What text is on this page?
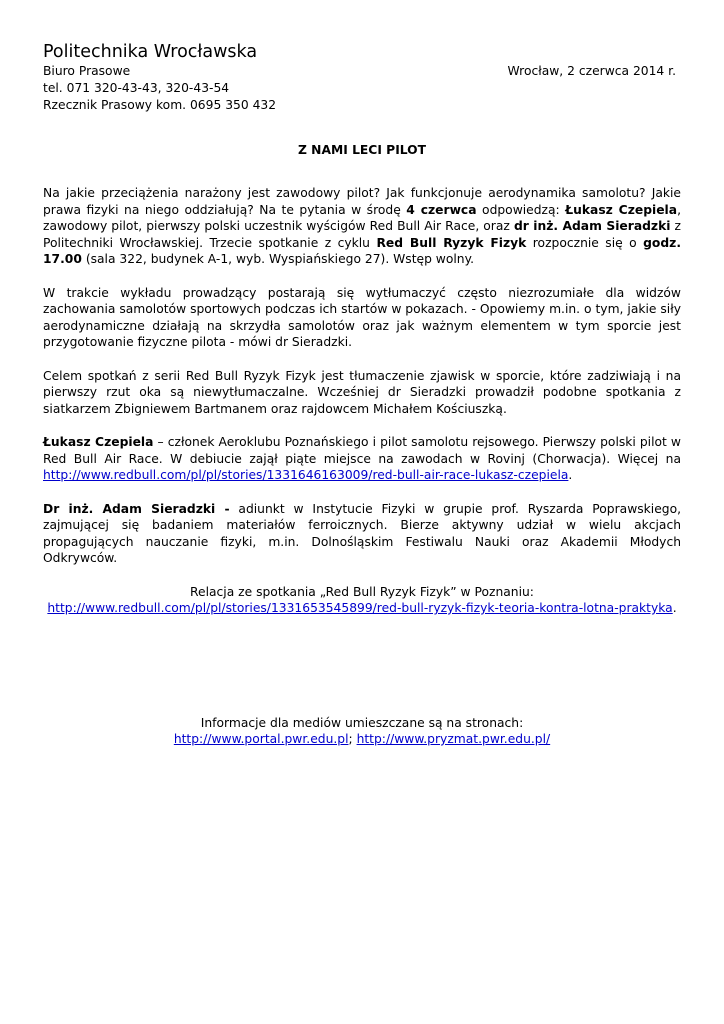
Politechnika Wrocławska
Biuro Prasowe
tel. 071 320-43-43, 320-43-54
Rzecznik Prasowy kom. 0695 350 432
Wrocław, 2 czerwca 2014 r.
Z NAMI LECI PILOT

Na jakie przeciążenia narażony jest zawodowy pilot? Jak funkcjonuje aerodynamika samolotu? Jakie prawa fizyki na niego oddziałują? Na te pytania w środę 4 czerwca odpowiedzą: Łukasz Czepiela, zawodowy pilot, pierwszy polski uczestnik wyścigów Red Bull Air Race, oraz dr inż. Adam Sieradzki z Politechniki Wrocławskiej. Trzecie spotkanie z cyklu Red Bull Ryzyk Fizyk rozpocznie się o godz. 17.00 (sala 322, budynek A-1, wyb. Wyspiańskiego 27). Wstęp wolny.

W trakcie wykładu prowadzący postarają się wytłumaczyć często niezrozumiałe dla widzów zachowania samolotów sportowych podczas ich startów w pokazach. - Opowiemy m.in. o tym, jakie siły aerodynamiczne działają na skrzydła samolotów oraz jak ważnym elementem w tym sporcie jest przygotowanie fizyczne pilota - mówi dr Sieradzki.

Celem spotkań z serii Red Bull Ryzyk Fizyk jest tłumaczenie zjawisk w sporcie, które zadziwiają i na pierwszy rzut oka są niewytłumaczalne. Wcześniej dr Sieradzki prowadził podobne spotkania z siatkarzem Zbigniewem Bartmanem oraz rajdowcem Michałem Kościuszką.

Łukasz Czepiela – członek Aeroklubu Poznańskiego i pilot samolotu rejsowego. Pierwszy polski pilot w Red Bull Air Race. W debiucie zajął piąte miejsce na zawodach w Rovinj (Chorwacja). Więcej na http://www.redbull.com/pl/pl/stories/1331646163009/red-bull-air-race-lukasz-czepiela.

Dr inż. Adam Sieradzki - adiunkt w Instytucie Fizyki w grupie prof. Ryszarda Poprawskiego, zajmującej się badaniem materiałów ferroicznych. Bierze aktywny udział w wielu akcjach propagujących nauczanie fizyki, m.in. Dolnośląskim Festiwalu Nauki oraz Akademii Młodych Odkrywców.

Relacja ze spotkania „Red Bull Ryzyk Fizyk” w Poznaniu:
http://www.redbull.com/pl/pl/stories/1331653545899/red-bull-ryzyk-fizyk-teoria-kontra-lotna-praktyka.

Informacje dla mediów umieszczane są na stronach:
http://www.portal.pwr.edu.pl; http://www.pryzmat.pwr.edu.pl/
